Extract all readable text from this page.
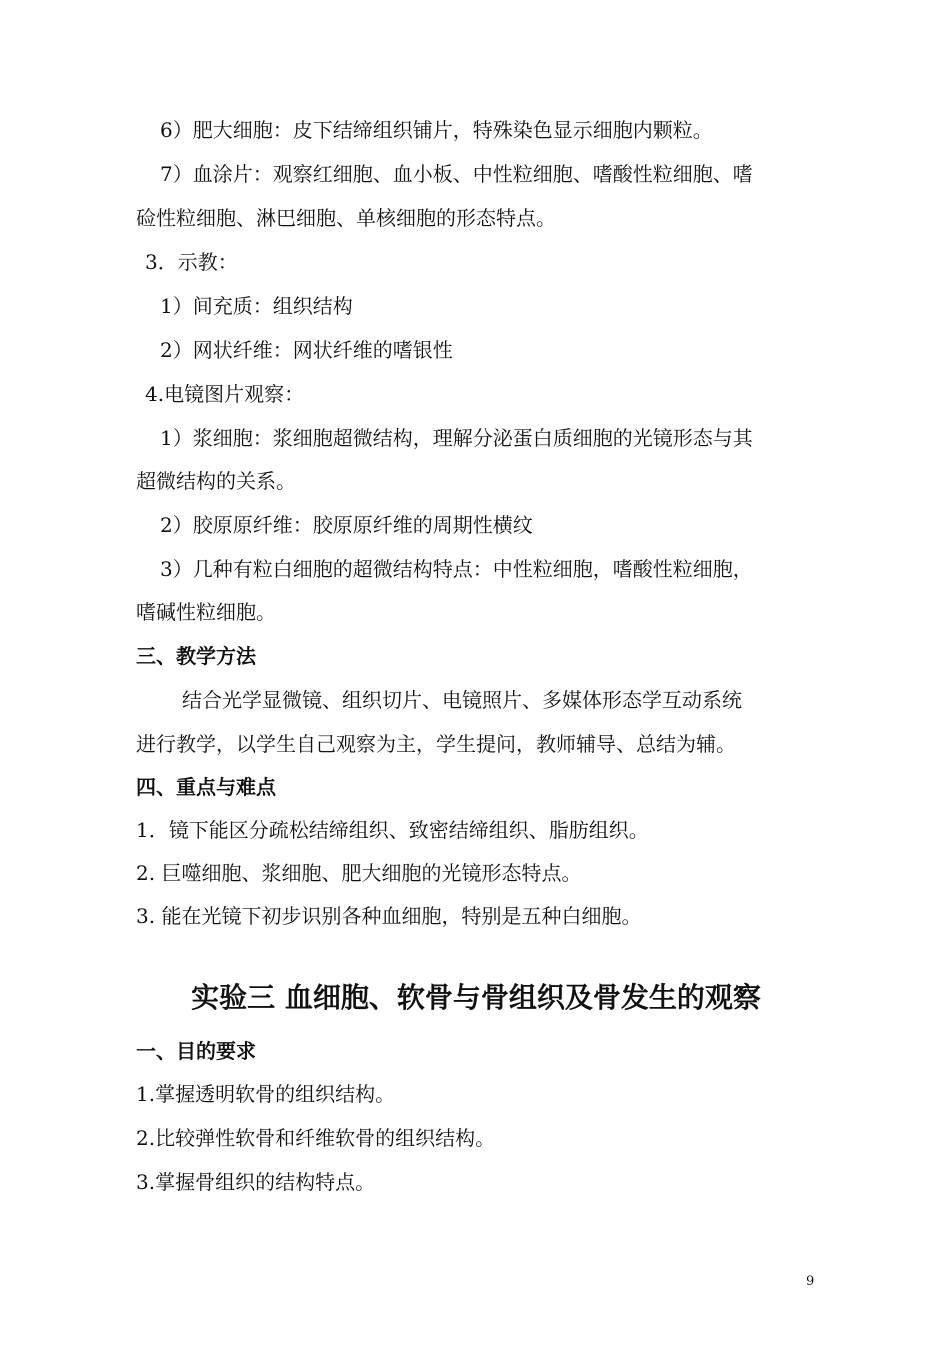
6）肥大细胞：皮下结缔组织铺片，特殊染色显示细胞内颗粒。
7）血涂片：观察红细胞、血小板、中性粒细胞、嗜酸性粒细胞、嗜
硷性粒细胞、淋巴细胞、单核细胞的形态特点。
3．示教：
1）间充质：组织结构
2）网状纤维：网状纤维的嗜银性
4.电镜图片观察：
1）浆细胞：浆细胞超微结构，理解分泌蛋白质细胞的光镜形态与其
超微结构的关系。
2）胶原原纤维：胶原原纤维的周期性横纹
3）几种有粒白细胞的超微结构特点：中性粒细胞，嗜酸性粒细胞，
嗜碱性粒细胞。
三、教学方法
结合光学显微镜、组织切片、电镜照片、多媒体形态学互动系统
进行教学，以学生自己观察为主，学生提问，教师辅导、总结为辅。
四、重点与难点
1．镜下能区分疏松结缔组织、致密结缔组织、脂肪组织。
2. 巨噬细胞、浆细胞、肥大细胞的光镜形态特点。
3. 能在光镜下初步识别各种血细胞，特别是五种白细胞。
实验三 血细胞、软骨与骨组织及骨发生的观察
一、目的要求
1.掌握透明软骨的组织结构。
2.比较弹性软骨和纤维软骨的组织结构。
3.掌握骨组织的结构特点。
9
